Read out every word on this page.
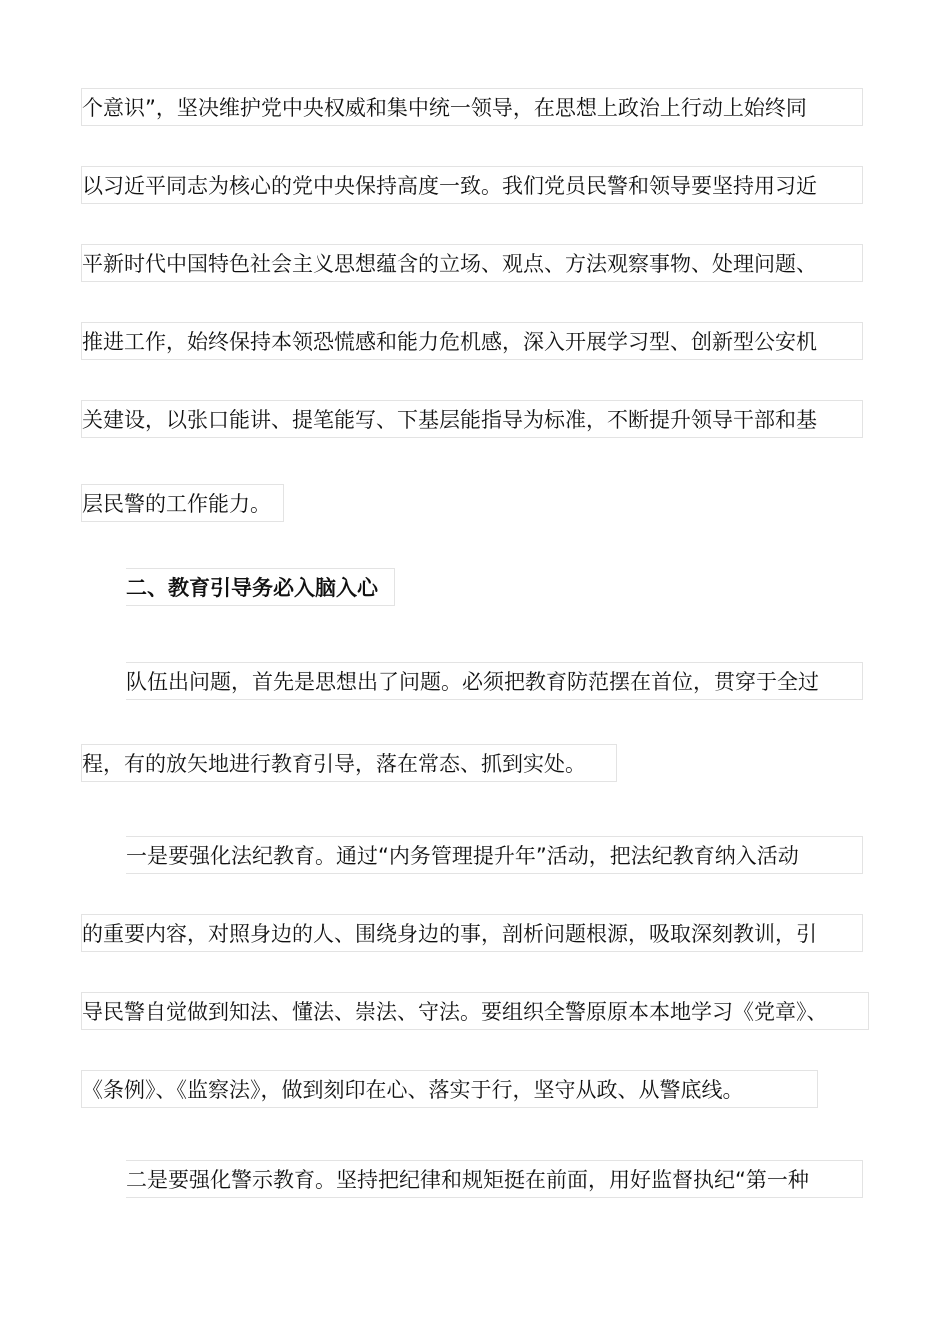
个意识”，坚决维护党中央权威和集中统一领导，在思想上政治上行动上始终同
以习近平同志为核心的党中央保持高度一致。我们党员民警和领导要坚持用习近
平新时代中国特色社会主义思想蕴含的立场、观点、方法观察事物、处理问题、
推进工作，始终保持本领恐慌感和能力危机感，深入开展学习型、创新型公安机
关建设，以张口能讲、提笔能写、下基层能指导为标准，不断提升领导干部和基
层民警的工作能力。
二、教育引导务必入脑入心
队伍出问题，首先是思想出了问题。必须把教育防范摆在首位，贯穿于全过
程，有的放矢地进行教育引导，落在常态、抓到实处。
一是要强化法纪教育。通过“内务管理提升年”活动，把法纪教育纳入活动
的重要内容，对照身边的人、围绕身边的事，剖析问题根源，吸取深刻教训，引
导民警自觉做到知法、懂法、崇法、守法。要组织全警原原本本地学习《党章》、
《条例》、《监察法》，做到刻印在心、落实于行，坚守从政、从警底线。
二是要强化警示教育。坚持把纪律和规矩挺在前面，用好监督执纪“第一种
